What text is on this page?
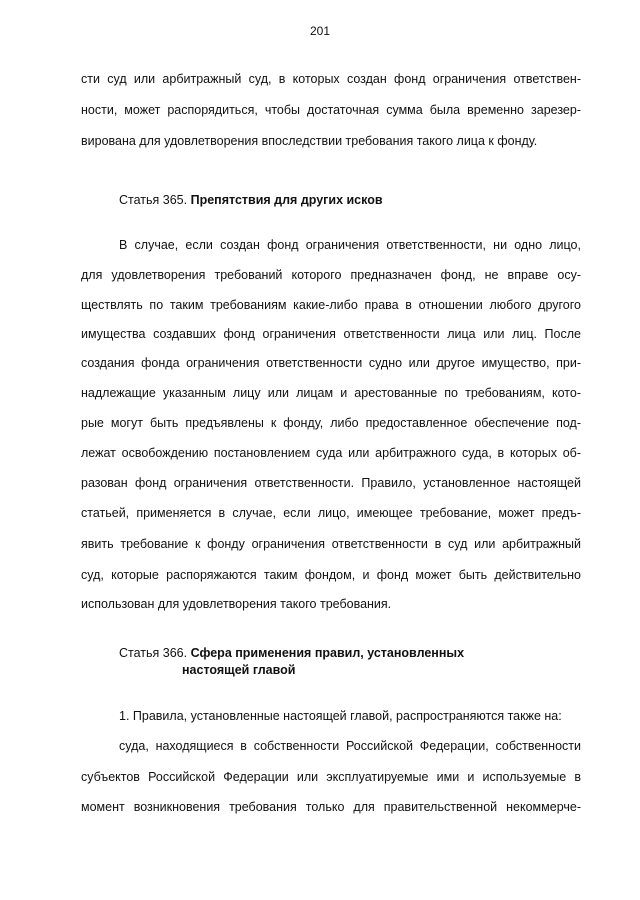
201
сти суд или арбитражный суд, в которых создан фонд ограничения ответствен-
ности, может распорядиться, чтобы достаточная сумма была временно зарезер-
вирована для удовлетворения впоследствии требования такого лица к фонду.
Статья 365. Препятствия для других исков
В случае, если создан фонд ограничения ответственности, ни одно лицо,
для удовлетворения требований которого предназначен фонд, не вправе осу-
ществлять по таким требованиям какие-либо права в отношении любого другого
имущества создавших фонд ограничения ответственности лица или лиц. После
создания фонда ограничения ответственности судно или другое имущество, при-
надлежащие указанным лицу или лицам и арестованные по требованиям, кото-
рые могут быть предъявлены к фонду, либо предоставленное обеспечение под-
лежат освобождению постановлением суда или арбитражного суда, в которых об-
разован фонд ограничения ответственности. Правило, установленное настоящей
статьей, применяется в случае, если лицо, имеющее требование, может предъ-
явить требование к фонду ограничения ответственности в суд или арбитражный
суд, которые распоряжаются таким фондом, и фонд может быть действительно
использован для удовлетворения такого требования.
Статья 366. Сфера применения правил, установленных
настоящей главой
1. Правила, установленные настоящей главой, распространяются также на:
суда, находящиеся в собственности Российской Федерации, собственности
субъектов Российской Федерации или эксплуатируемые ими и используемые в
момент возникновения требования только для правительственной некоммерче-
